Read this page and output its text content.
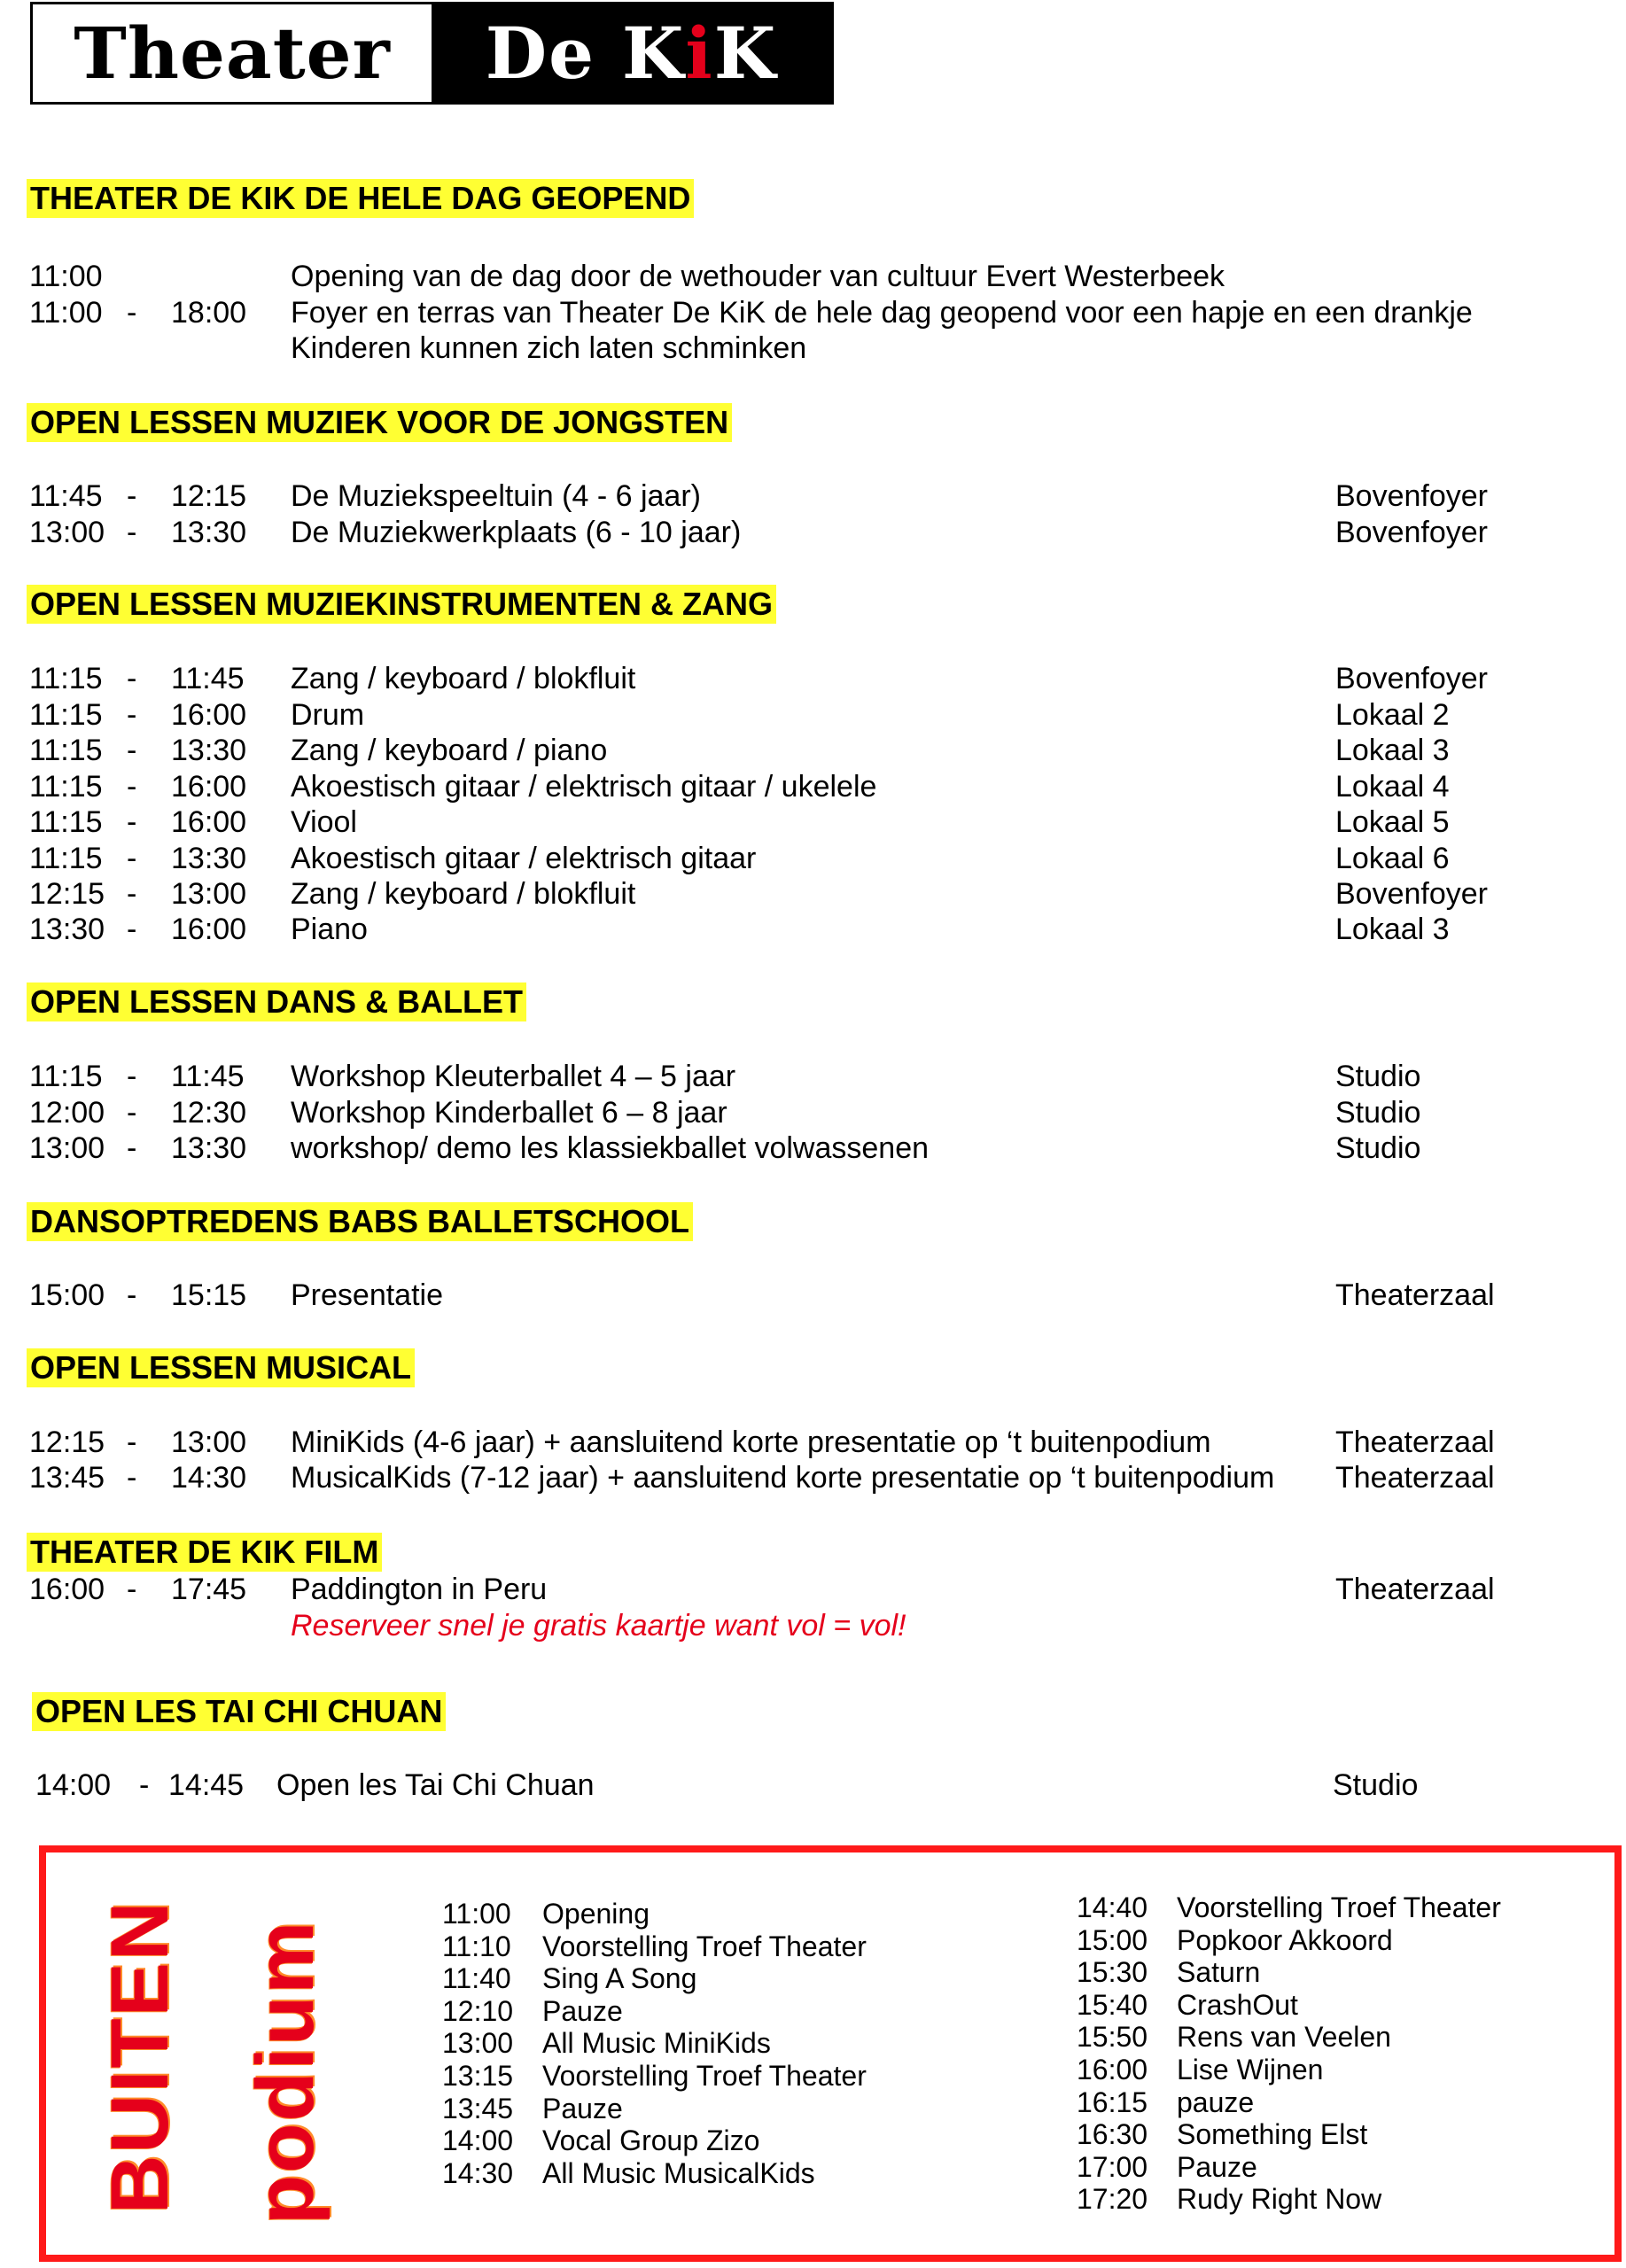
Theater	De K i K
THEATER DE KIK DE HELE DAG GEOPEND
11:00	Opening van de dag door de wethouder van cultuur Evert Westerbeek
11:00 - 18:00 Foyer en terras van Theater De KiK de hele dag geopend voor een hapje en een drankje
Kinderen kunnen zich laten schminken
OPEN LESSEN MUZIEK VOOR DE JONGSTEN
11:45 - 12:15 De Muziekspeeltuin (4 - 6 jaar)	Bovenfoyer
13:00 - 13:30 De Muziekwerkplaats (6 - 10 jaar)	Bovenfoyer
OPEN LESSEN MUZIEKINSTRUMENTEN & ZANG
11:15 - 11:45 Zang / keyboard / blokfluit	Bovenfoyer
11:15 - 16:00 Drum	Lokaal 2
11:15 - 13:30 Zang / keyboard / piano	Lokaal 3
11:15 - 16:00 Akoestisch gitaar / elektrisch gitaar / ukelele	Lokaal 4
11:15 - 16:00 Viool	Lokaal 5
11:15 - 13:30 Akoestisch gitaar / elektrisch gitaar	Lokaal 6
12:15 - 13:00 Zang / keyboard / blokfluit	Bovenfoyer
13:30 - 16:00 Piano	Lokaal 3
OPEN LESSEN DANS & BALLET
11:15 - 11:45 Workshop Kleuterballet 4 – 5 jaar	Studio
12:00 - 12:30 Workshop Kinderballet 6 – 8 jaar	Studio
13:00 - 13:30 workshop/ demo les klassiekballet volwassenen	Studio
DANSOPTREDENS BABS BALLETSCHOOL
15:00 - 15:15 Presentatie	Theaterzaal
OPEN LESSEN MUSICAL
12:15 - 13:00 MiniKids (4-6 jaar) + aansluitend korte presentatie op ‘t buitenpodium	Theaterzaal
13:45 - 14:30 MusicalKids (7-12 jaar) + aansluitend korte presentatie op ‘t buitenpodium Theaterzaal
THEATER DE KIK FILM
16:00 - 17:45 Paddington in Peru	Theaterzaal
Reserveer snel je gratis kaartje want vol = vol!
OPEN LES TAI CHI CHUAN
14:00 - 14:45 Open les Tai Chi Chuan	Studio
BUITEN podium
11:00 Opening
11:10 Voorstelling Troef Theater
11:40 Sing A Song
12:10 Pauze
13:00 All Music MiniKids
13:15 Voorstelling Troef Theater
13:45 Pauze
14:00 Vocal Group Zizo
14:30 All Music MusicalKids
14:40 Voorstelling Troef Theater
15:00 Popkoor Akkoord
15:30 Saturn
15:40 CrashOut
15:50 Rens van Veelen
16:00 Lise Wijnen
16:15 pauze
16:30 Something Elst
17:00 Pauze
17:20 Rudy Right Now
